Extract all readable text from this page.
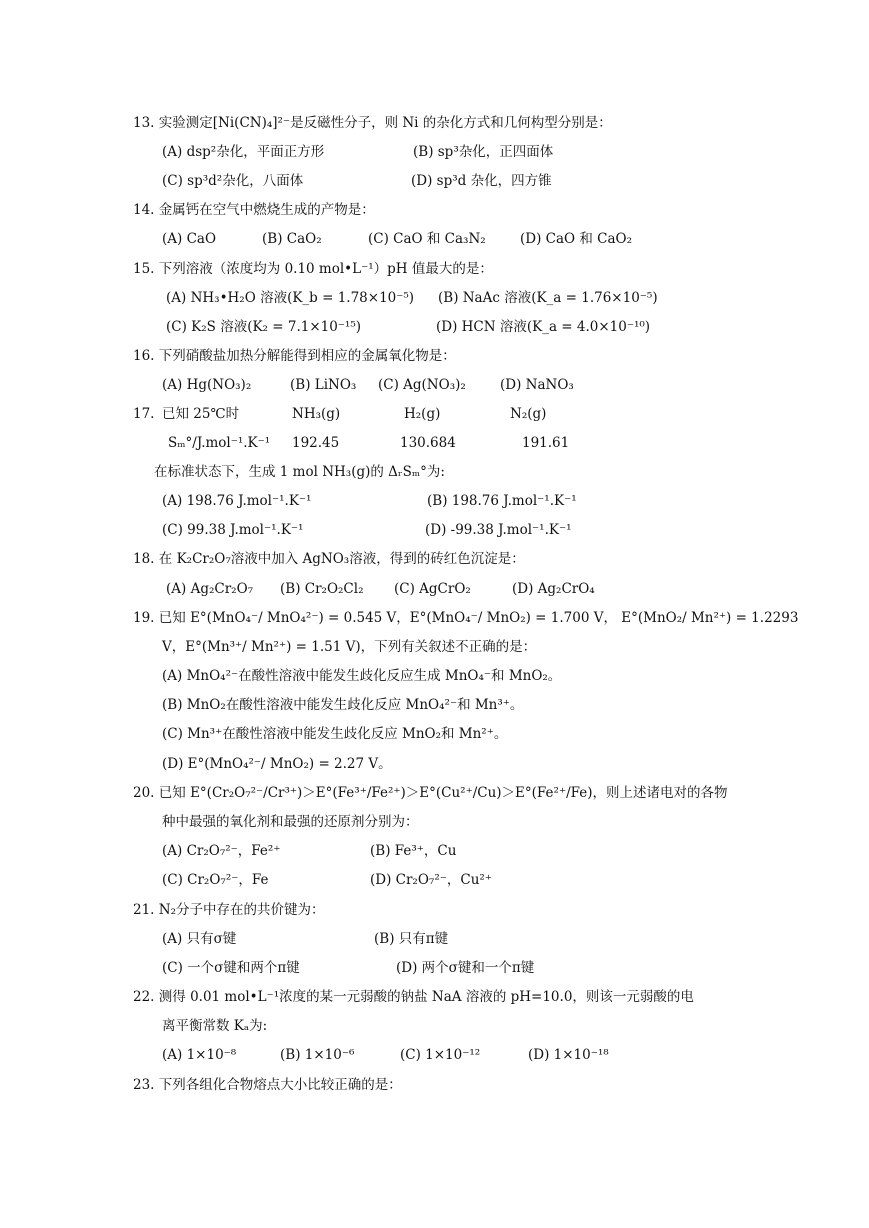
13. 实验测定[Ni(CN)₄]²⁻是反磁性分子，则 Ni 的杂化方式和几何构型分别是：
(A) dsp²杂化，平面正方形	(B) sp³杂化，正四面体
(C) sp³d²杂化，八面体	(D) sp³d 杂化，四方锥
14. 金属钙在空气中燃烧生成的产物是：
(A) CaO	(B) CaO₂	(C) CaO 和 Ca₃N₂	(D) CaO 和 CaO₂
15. 下列溶液（浓度均为 0.10 mol•L⁻¹）pH 值最大的是：
(A) NH₃•H₂O 溶液(K_b = 1.78×10⁻⁵) (B) NaAc 溶液(K_a = 1.76×10⁻⁵)
(C) K₂S 溶液(K₂ = 7.1×10⁻¹⁵)	(D) HCN 溶液(K_a = 4.0×10⁻¹⁰)
16. 下列硝酸盐加热分解能得到相应的金属氧化物是：
(A) Hg(NO₃)₂	(B) LiNO₃ (C) Ag(NO₃)₂	(D) NaNO₃
17. 已知 25℃时	NH₃(g)	H₂(g)	N₂(g)
Sₘ°/J.mol⁻¹.K⁻¹ 192.45	130.684	191.61
在标准状态下，生成 1 mol NH₃(g)的 ΔᵣSₘ°为:
(A) 198.76 J.mol⁻¹.K⁻¹	(B) 198.76 J.mol⁻¹.K⁻¹
(C) 99.38 J.mol⁻¹.K⁻¹	(D) -99.38 J.mol⁻¹.K⁻¹
18. 在 K₂Cr₂O₇溶液中加入 AgNO₃溶液，得到的砖红色沉淀是：
(A) Ag₂Cr₂O₇ (B) Cr₂O₂Cl₂ (C) AgCrO₂	(D) Ag₂CrO₄
19. 已知 E°(MnO₄⁻/ MnO₄²⁻) = 0.545 V，E°(MnO₄⁻/ MnO₂) = 1.700 V， E°(MnO₂/ Mn²⁺) = 1.2293
V，E°(Mn³⁺/ Mn²⁺) = 1.51 V)，下列有关叙述不正确的是：
(A) MnO₄²⁻在酸性溶液中能发生歧化反应生成 MnO₄⁻和 MnO₂。
(B) MnO₂在酸性溶液中能发生歧化反应 MnO₄²⁻和 Mn³⁺。
(C) Mn³⁺在酸性溶液中能发生歧化反应 MnO₂和 Mn²⁺。
(D) E°(MnO₄²⁻/ MnO₂) = 2.27 V。
20. 已知 E°(Cr₂O₇²⁻/Cr³⁺)＞E°(Fe³⁺/Fe²⁺)＞E°(Cu²⁺/Cu)＞E°(Fe²⁺/Fe)，则上述诸电对的各物
种中最强的氧化剂和最强的还原剂分别为：
(A) Cr₂O₇²⁻，Fe²⁺	(B) Fe³⁺，Cu
(C) Cr₂O₇²⁻，Fe	(D) Cr₂O₇²⁻，Cu²⁺
21. N₂分子中存在的共价键为：
(A) 只有σ键	(B) 只有π键
(C) 一个σ键和两个π键	(D) 两个σ键和一个π键
22. 测得 0.01 mol•L⁻¹浓度的某一元弱酸的钠盐 NaA 溶液的 pH=10.0，则该一元弱酸的电
离平衡常数 Kₐ为:
(A) 1×10⁻⁸	(B) 1×10⁻⁶	(C) 1×10⁻¹²	(D) 1×10⁻¹⁸
23. 下列各组化合物熔点大小比较正确的是：
